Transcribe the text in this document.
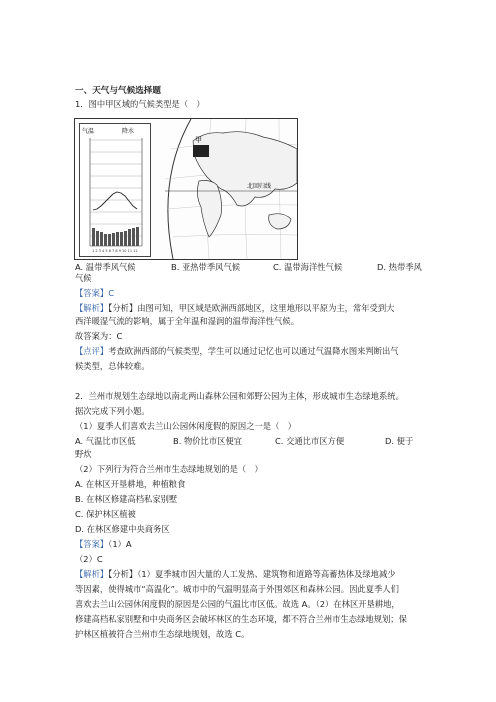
一、天气与气候选择题
1．图中甲区域的气候类型是（　）
气温	降水
1 2 3 4 5 6 7 8 9 10 11 12
甲
北回归线
A. 温带季风气候	B. 亚热带季风气候	C. 温带海洋性气候	D. 热带季风
气候
【答案】C
【解析】【分析】由图可知，甲区域是欧洲西部地区，这里地形以平原为主，常年受到大
西洋暖湿气流的影响，属于全年温和湿润的温带海洋性气候。
故答案为：C
【点评】考查欧洲西部的气候类型，学生可以通过记忆也可以通过气温降水图来判断出气
候类型，总体较难。
2．兰州市规划生态绿地以南北两山森林公园和郊野公园为主体，形成城市生态绿地系统。
据次完成下列小题。
（1）夏季人们喜欢去兰山公园休闲度假的原因之一是（　）
A. 气温比市区低	B. 物价比市区便宜	C. 交通比市区方便	D. 便于
野炊
（2）下列行为符合兰州市生态绿地规划的是（　）
A. 在林区开垦耕地，种植粮食
B. 在林区修建高档私家别墅
C. 保护林区植被
D. 在林区修建中央商务区
【答案】（1）A
（2）C
【解析】【分析】（1）夏季城市因大量的人工发热、建筑物和道路等高蓄热体及绿地减少
等因素，使得城市“高温化”。城市中的气温明显高于外围郊区和森林公园。因此夏季人们
喜欢去兰山公园休闲度假的原因是公园的气温比市区低。故选 A。（2）在林区开垦耕地，
修建高档私家别墅和中央商务区会破坏林区的生态环境，都不符合兰州市生态绿地规划；保
护林区植被符合兰州市生态绿地规划，故选 C。
